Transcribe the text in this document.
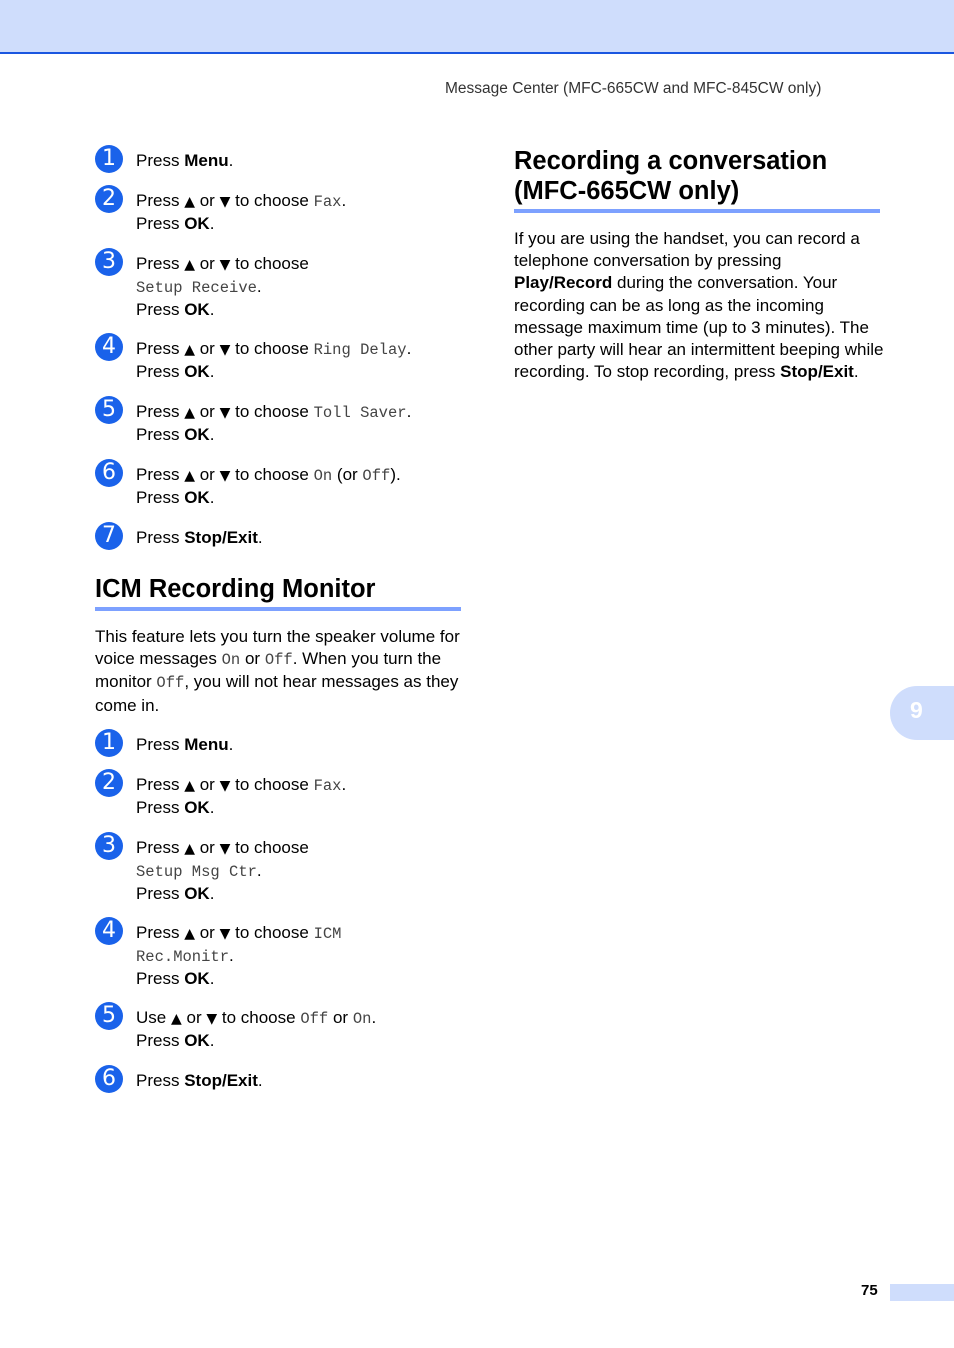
Message Center (MFC-665CW and MFC-845CW only)
1	Press Menu.
2	Press ▲ or ▼ to choose Fax.
Press OK.
3	Press ▲ or ▼ to choose
Setup Receive.
Press OK.
4	Press ▲ or ▼ to choose Ring Delay.
Press OK.
5	Press ▲ or ▼ to choose Toll Saver.
Press OK.
6	Press ▲ or ▼ to choose On (or Off).
Press OK.
7	Press Stop/Exit.
ICM Recording Monitor
This feature lets you turn the speaker volume for voice messages On or Off. When you turn the monitor Off, you will not hear messages as they come in.
1	Press Menu.
2	Press ▲ or ▼ to choose Fax.
Press OK.
3	Press ▲ or ▼ to choose
Setup Msg Ctr.
Press OK.
4	Press ▲ or ▼ to choose ICM
Rec.Monitr.
Press OK.
5	Use ▲ or ▼ to choose Off or On.
Press OK.
6	Press Stop/Exit.
Recording a conversation
(MFC-665CW only)
If you are using the handset, you can record a telephone conversation by pressing Play/Record during the conversation. Your recording can be as long as the incoming message maximum time (up to 3 minutes). The other party will hear an intermittent beeping while recording. To stop recording, press Stop/Exit.
9
75
